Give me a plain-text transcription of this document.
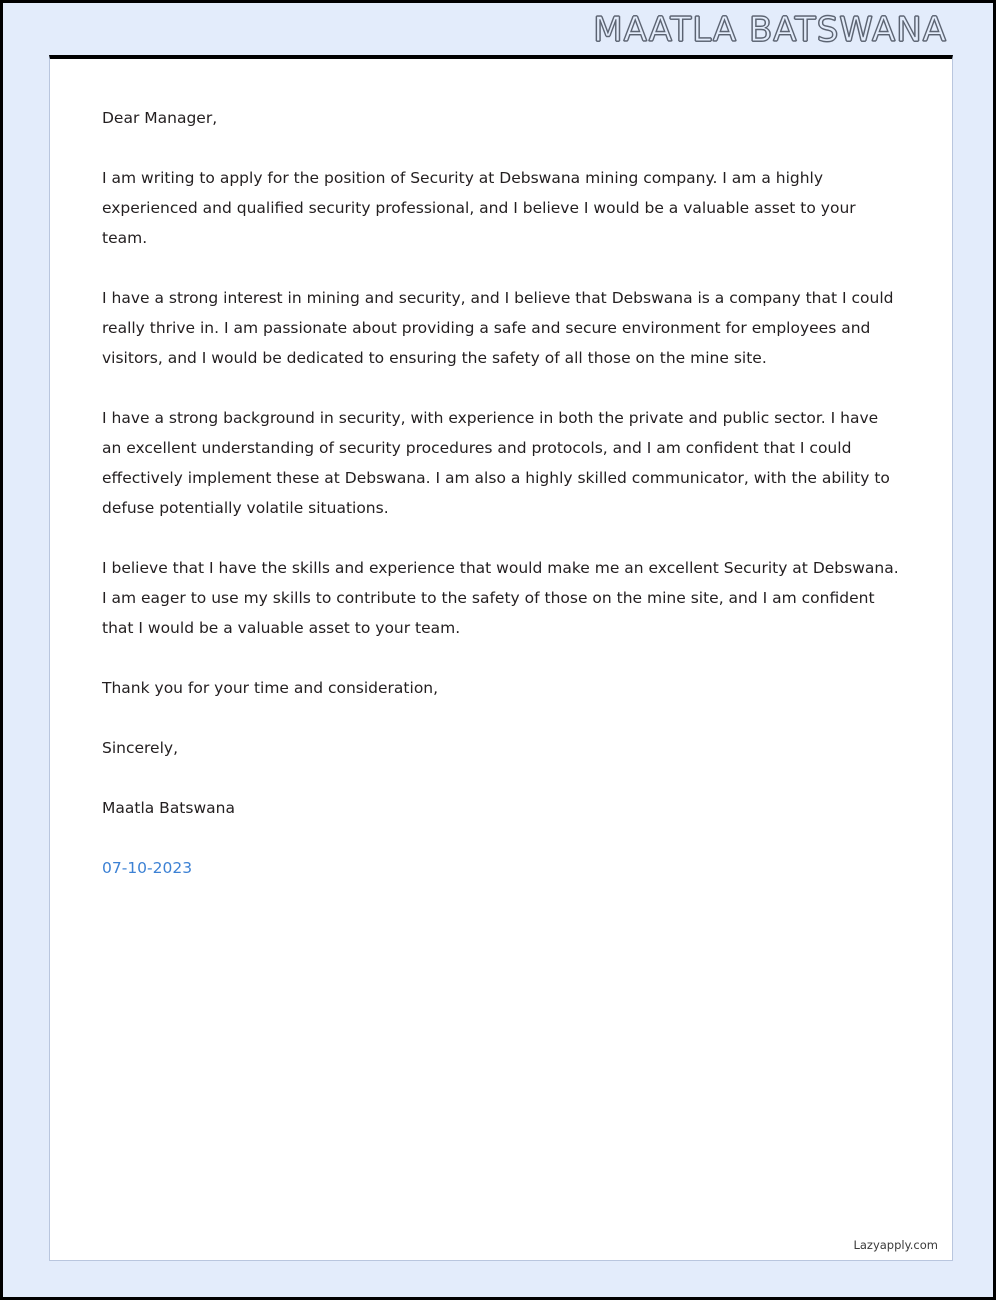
MAATLA BATSWANA

Dear Manager,

I am writing to apply for the position of Security at Debswana mining company. I am a highly experienced and qualified security professional, and I believe I would be a valuable asset to your team.

I have a strong interest in mining and security, and I believe that Debswana is a company that I could really thrive in. I am passionate about providing a safe and secure environment for employees and visitors, and I would be dedicated to ensuring the safety of all those on the mine site.

I have a strong background in security, with experience in both the private and public sector. I have an excellent understanding of security procedures and protocols, and I am confident that I could effectively implement these at Debswana. I am also a highly skilled communicator, with the ability to defuse potentially volatile situations.

I believe that I have the skills and experience that would make me an excellent Security at Debswana. I am eager to use my skills to contribute to the safety of those on the mine site, and I am confident that I would be a valuable asset to your team.

Thank you for your time and consideration,

Sincerely,

Maatla Batswana

07-10-2023

Lazyapply.com
